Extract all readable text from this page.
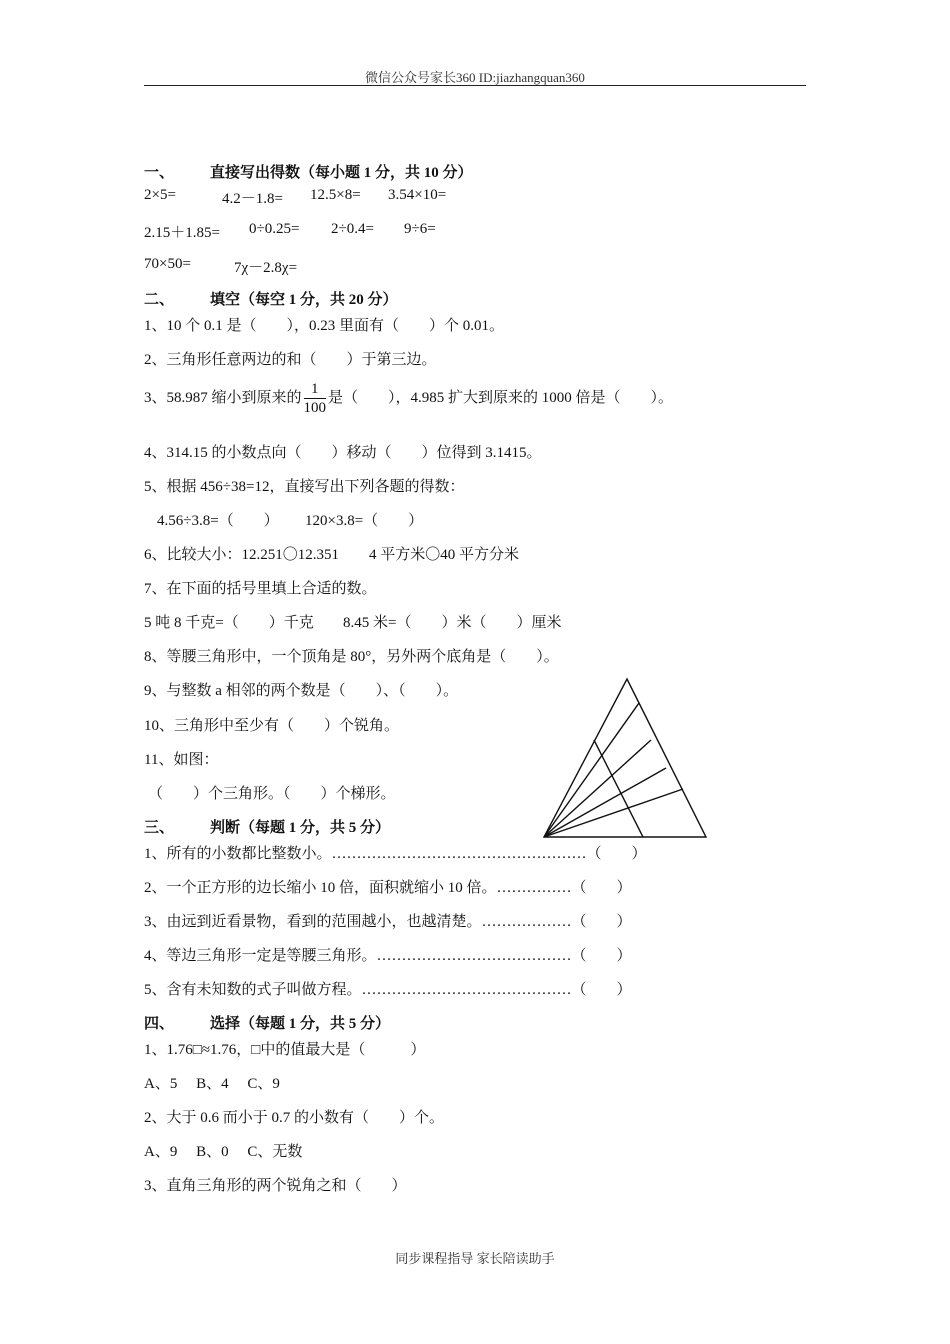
微信公众号家长360 ID:jiazhangquan360
一、 直接写出得数（每小题 1 分，共 10 分）
2×5=	4.2－1.8= 12.5×8= 3.54×10=
2.15＋1.85= 0÷0.25= 2÷0.4= 9÷6=
70×50=	7χ－2.8χ=
二、 填空（每空 1 分，共 20 分）
1、10 个 0.1 是（　　），0.23 里面有（　　）个 0.01。
2、三角形任意两边的和（　　）于第三边。
3、58.987 缩小到原来的 $\frac{1}{100}$ 是（　　），4.985 扩大到原来的 1000 倍是（　　）。
4、314.15 的小数点向（　　）移动（　　）位得到 3.1415。
5、根据 456÷38=12，直接写出下列各题的得数：
4.56÷3.8=（　　） 120×3.8=（　　）
6、比较大小：12.251〇12.351　　4 平方米〇40 平方分米
7、在下面的括号里填上合适的数。
5 吨 8 千克=（　　）千克 8.45 米=（　　）米（　　）厘米
8、等腰三角形中，一个顶角是 80°，另外两个底角是（　　）。
9、与整数 a 相邻的两个数是（　　）、（　　）。
10、三角形中至少有（　　）个锐角。
11、如图：
（　　）个三角形。（　　）个梯形。
三、 判断（每题 1 分，共 5 分）
1、所有的小数都比整数小。……………………………………………（　　）
2、一个正方形的边长缩小 10 倍，面积就缩小 10 倍。……………（　　）
3、由远到近看景物，看到的范围越小，也越清楚。………………（　　）
4、等边三角形一定是等腰三角形。…………………………………（　　）
5、含有未知数的式子叫做方程。……………………………………（　　）
四、 选择（每题 1 分，共 5 分）
1、1.76□≈1.76，□中的值最大是（　　　）
A、5　 B、4　 C、9
2、大于 0.6 而小于 0.7 的小数有（　　）个。
A、9　 B、0　 C、无数
3、直角三角形的两个锐角之和（　　）
同步课程指导 家长陪读助手
